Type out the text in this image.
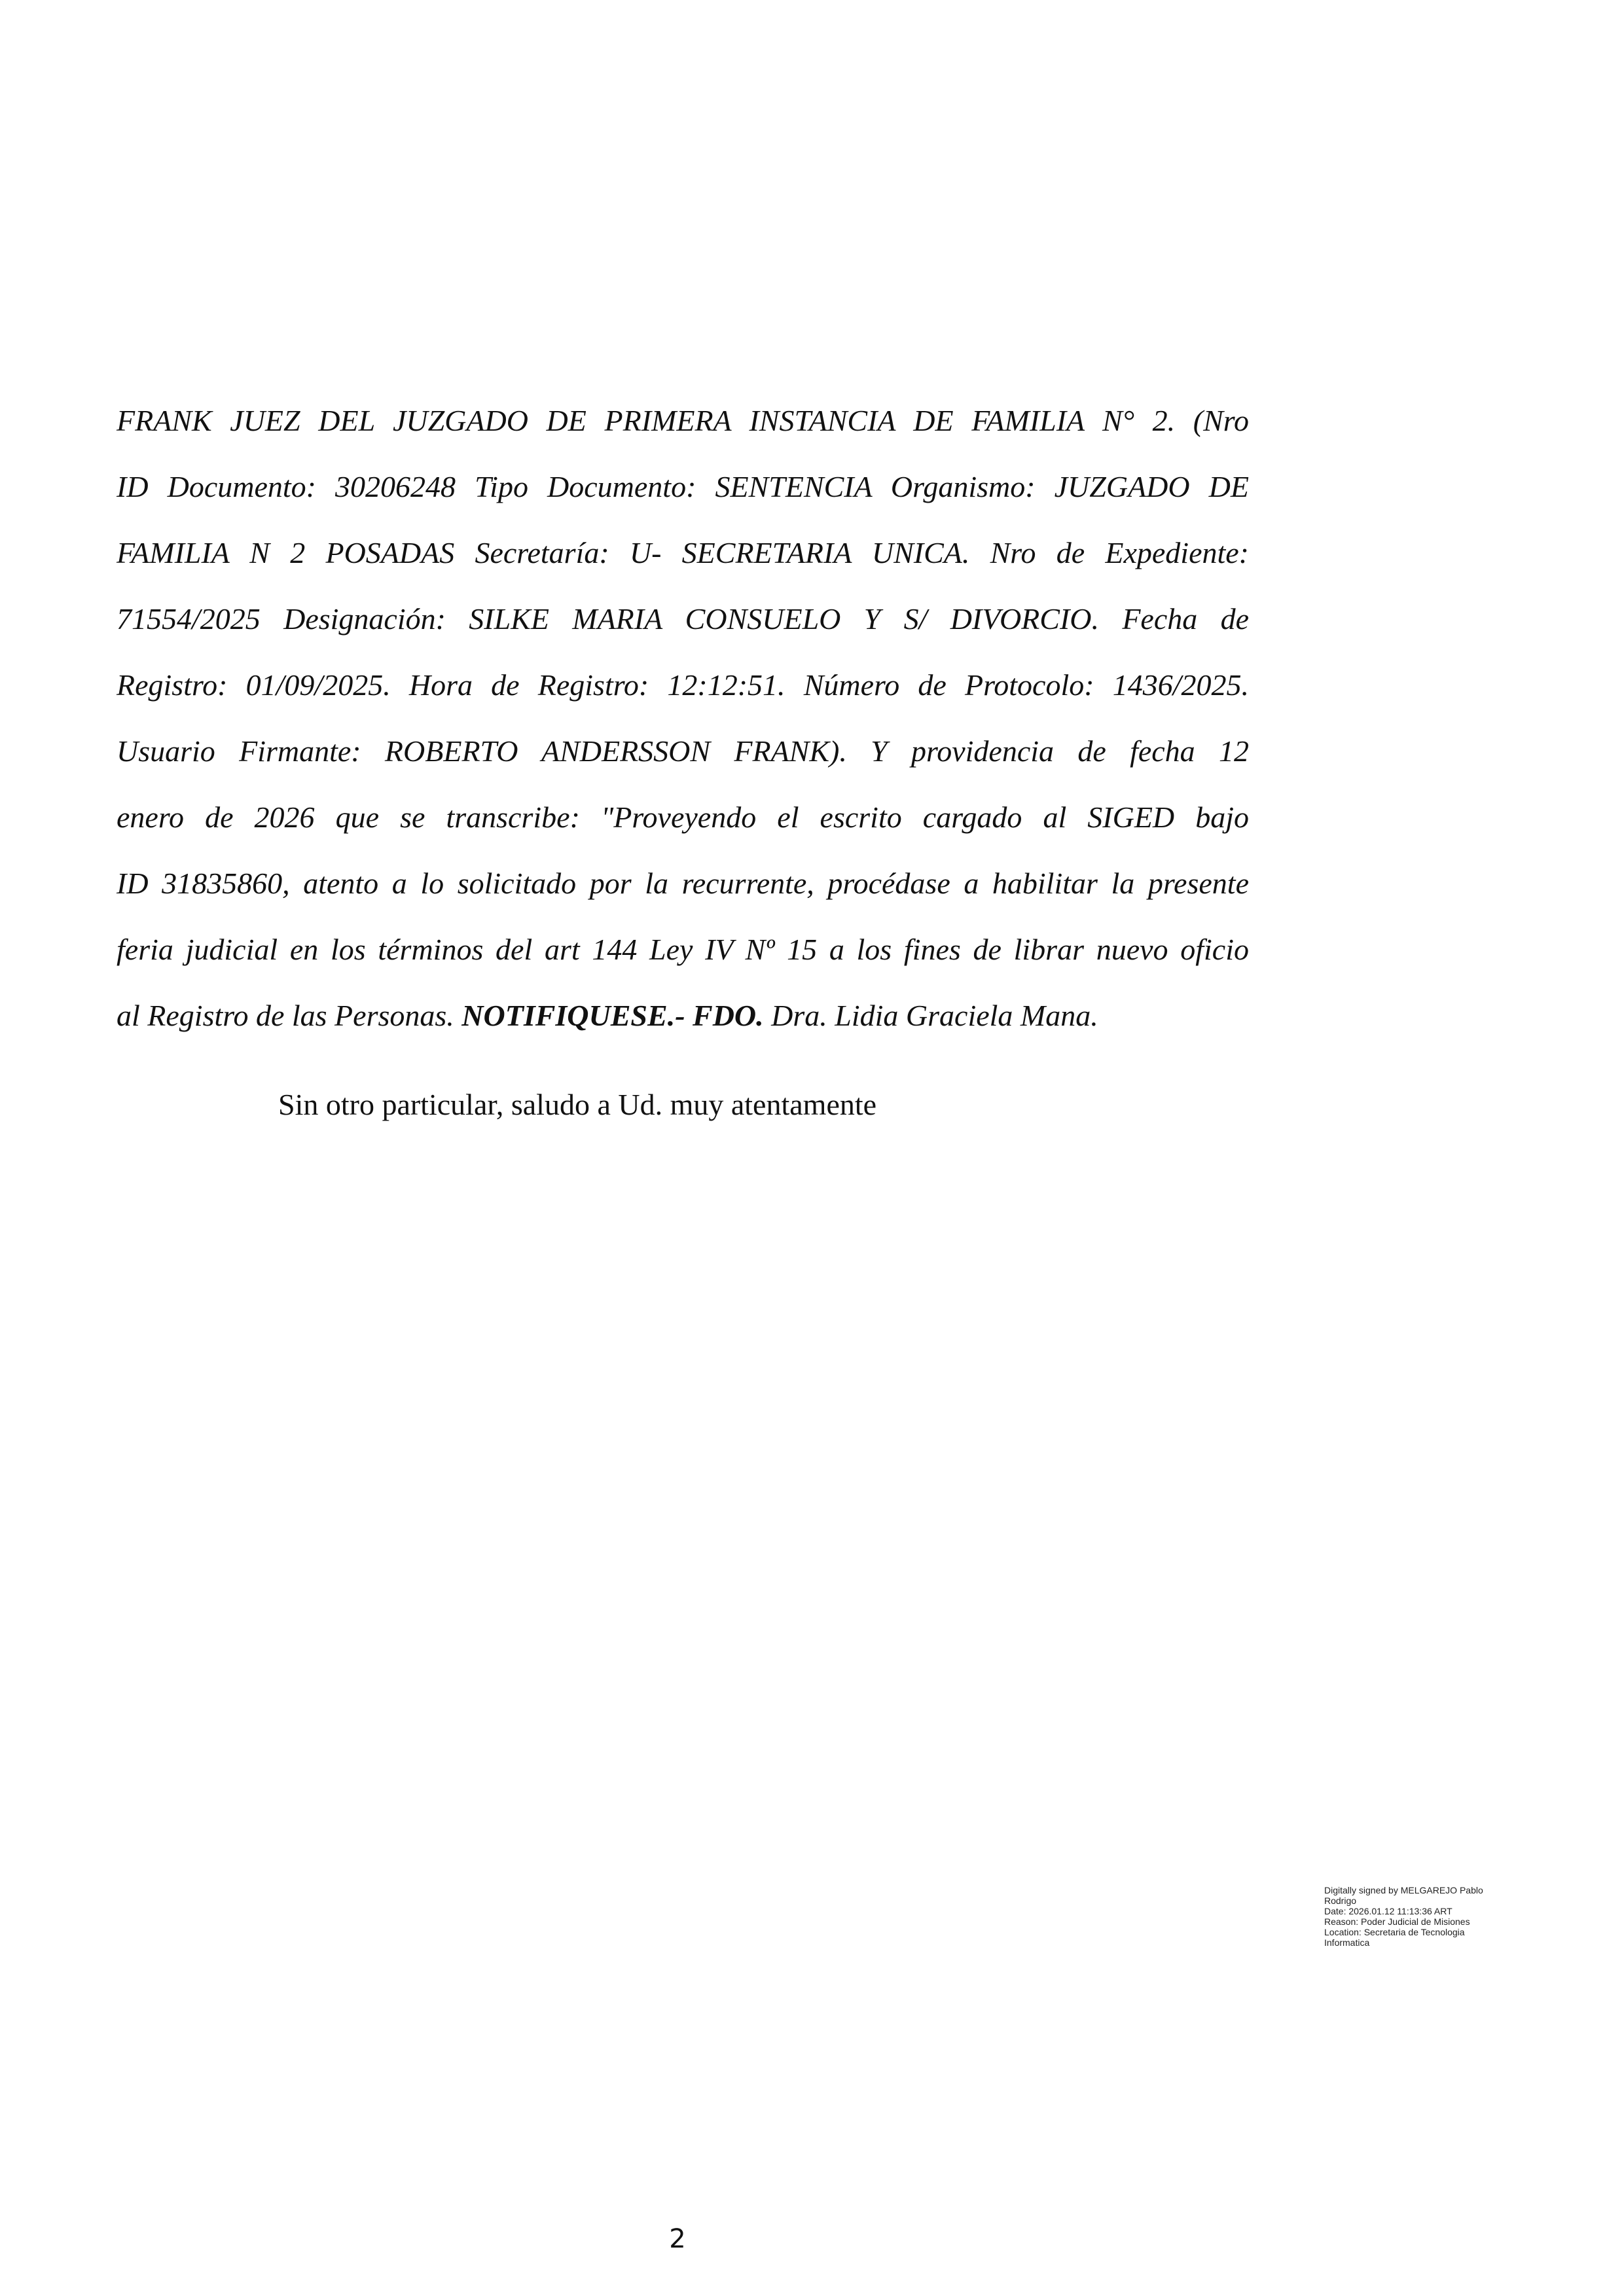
FRANK JUEZ DEL JUZGADO DE PRIMERA INSTANCIA DE FAMILIA N° 2. (Nro
ID Documento: 30206248 Tipo Documento: SENTENCIA Organismo: JUZGADO DE
FAMILIA N 2 POSADAS Secretaría: U- SECRETARIA UNICA. Nro de Expediente:
71554/2025 Designación: SILKE MARIA CONSUELO Y S/ DIVORCIO. Fecha de
Registro: 01/09/2025. Hora de Registro: 12:12:51. Número de Protocolo: 1436/2025.
Usuario Firmante: ROBERTO ANDERSSON FRANK). Y providencia de fecha 12
enero de 2026 que se transcribe: "Proveyendo el escrito cargado al SIGED bajo
ID 31835860, atento a lo solicitado por la recurrente, procédase a habilitar la presente
feria judicial en los términos del art 144 Ley IV Nº 15 a los fines de librar nuevo oficio
al Registro de las Personas. NOTIFIQUESE.- FDO. Dra. Lidia Graciela Mana.

Sin otro particular, saludo a Ud. muy atentamente

Digitally signed by MELGAREJO Pablo
Rodrigo
Date: 2026.01.12 11:13:36 ART
Reason: Poder Judicial de Misiones
Location: Secretaria de Tecnologia
Informatica
2
